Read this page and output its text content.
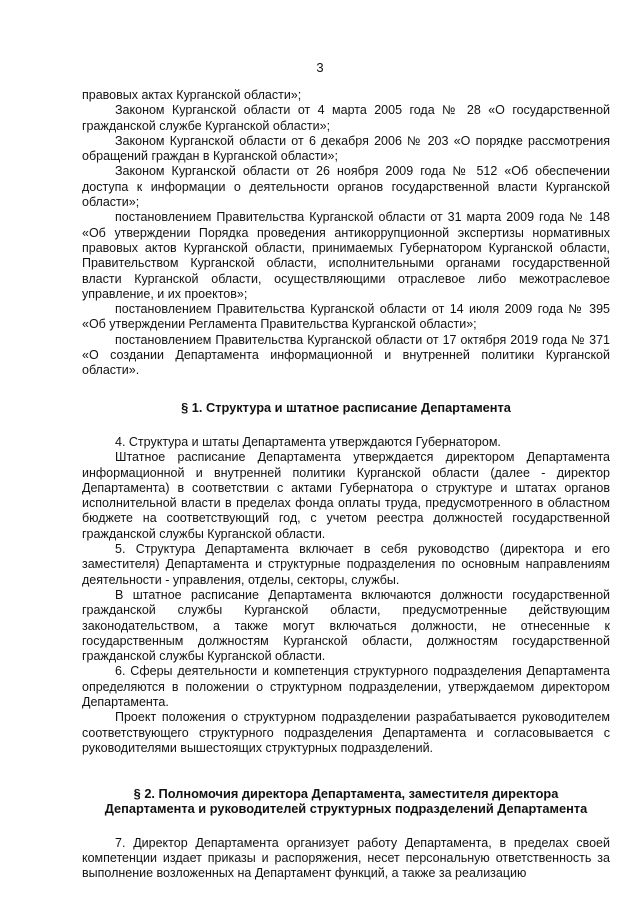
3

правовых актах Курганской области»;

Законом Курганской области от 4 марта 2005 года № 28 «О государственной гражданской службе Курганской области»;

Законом Курганской области от 6 декабря 2006 № 203 «О порядке рассмотрения обращений граждан в Курганской области»;

Законом Курганской области от 26 ноября 2009 года № 512 «Об обеспечении доступа к информации о деятельности органов государственной власти Курганской области»;

постановлением Правительства Курганской области от 31 марта 2009 года № 148 «Об утверждении Порядка проведения антикоррупционной экспертизы нормативных правовых актов Курганской области, принимаемых Губернатором Курганской области, Правительством Курганской области, исполнительными органами государственной власти Курганской области, осуществляющими отраслевое либо межотраслевое управление, и их проектов»;

постановлением Правительства Курганской области от 14 июля 2009 года № 395 «Об утверждении Регламента Правительства Курганской области»;

постановлением Правительства Курганской области от 17 октября 2019 года № 371 «О создании Департамента информационной и внутренней политики Курганской области».

§ 1. Структура и штатное расписание Департамента

4. Структура и штаты Департамента утверждаются Губернатором.

Штатное расписание Департамента утверждается директором Департамента информационной и внутренней политики Курганской области (далее - директор Департамента) в соответствии с актами Губернатора о структуре и штатах органов исполнительной власти в пределах фонда оплаты труда, предусмотренного в областном бюджете на соответствующий год, с учетом реестра должностей государственной гражданской службы Курганской области.

5. Структура Департамента включает в себя руководство (директора и его заместителя) Департамента и структурные подразделения по основным направлениям деятельности - управления, отделы, секторы, службы.

В штатное расписание Департамента включаются должности государственной гражданской службы Курганской области, предусмотренные действующим законодательством, а также могут включаться должности, не отнесенные к государственным должностям Курганской области, должностям государственной гражданской службы Курганской области.

6. Сферы деятельности и компетенция структурного подразделения Департамента определяются в положении о структурном подразделении, утверждаемом директором Департамента.

Проект положения о структурном подразделении разрабатывается руководителем соответствующего структурного подразделения Департамента и согласовывается с руководителями вышестоящих структурных подразделений.

§ 2. Полномочия директора Департамента, заместителя директора
Департамента и руководителей структурных подразделений Департамента

7. Директор Департамента организует работу Департамента, в пределах своей компетенции издает приказы и распоряжения, несет персональную ответственность за выполнение возложенных на Департамент функций, а также за реализацию
